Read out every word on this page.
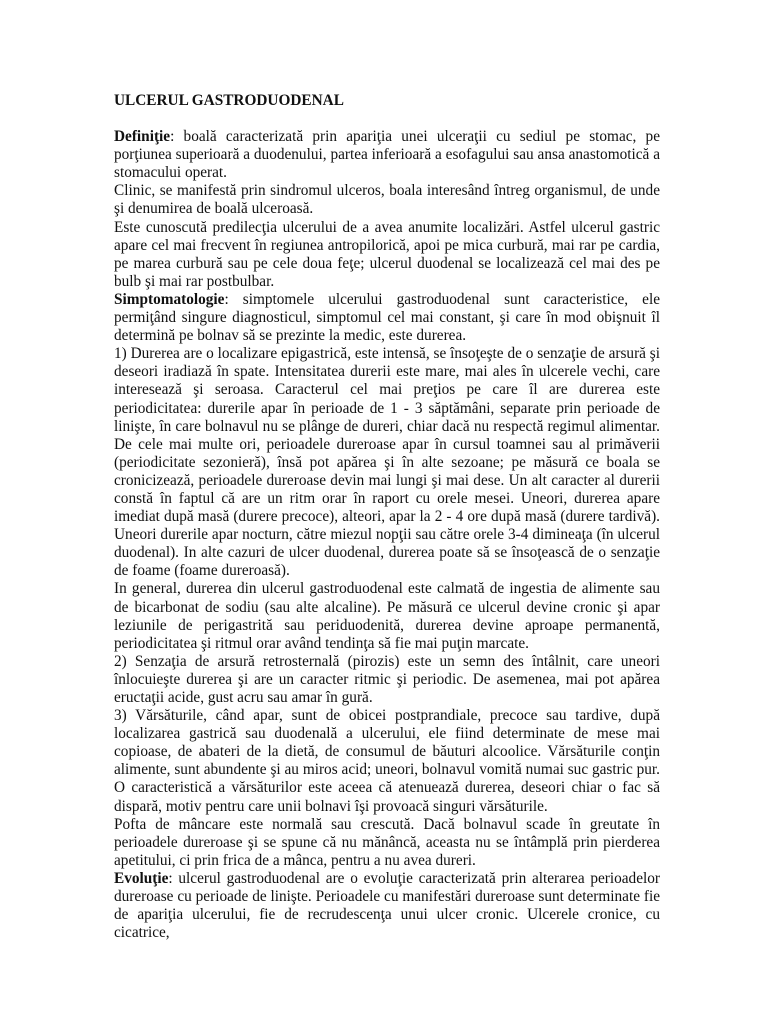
ULCERUL GASTRODUODENAL

Definiţie: boală caracterizată prin apariţia unei ulceraţii cu sediul pe stomac, pe porţiunea superioară a duodenului, partea inferioară a esofagului sau ansa anastomotică a stomacului operat.

Clinic, se manifestă prin sindromul ulceros, boala interesând întreg organismul, de unde şi denumirea de boală ulceroasă.

Este cunoscută predilecţia ulcerului de a avea anumite localizări. Astfel ulcerul gastric apare cel mai frecvent în regiunea antropilorică, apoi pe mica curbură, mai rar pe cardia, pe marea curbură sau pe cele doua feţe; ulcerul duodenal se localizează cel mai des pe bulb şi mai rar postbulbar.

Simptomatologie: simptomele ulcerului gastroduodenal sunt caracteristice, ele permiţând singure diagnosticul, simptomul cel mai constant, şi care în mod obişnuit îl determină pe bolnav să se prezinte la medic, este durerea.

1) Durerea are o localizare epigastrică, este intensă, se însoţeşte de o senzaţie de arsură şi deseori iradiază în spate. Intensitatea durerii este mare, mai ales în ulcerele vechi, care interesează şi seroasa. Caracterul cel mai preţios pe care îl are durerea este periodicitatea: durerile apar în perioade de 1 - 3 săptămâni, separate prin perioade de linişte, în care bolnavul nu se plânge de dureri, chiar dacă nu respectă regimul alimentar. De cele mai multe ori, perioadele dureroase apar în cursul toamnei sau al primăverii (periodicitate sezonieră), însă pot apărea şi în alte sezoane; pe măsură ce boala se cronicizează, perioadele dureroase devin mai lungi şi mai dese. Un alt caracter al durerii constă în faptul că are un ritm orar în raport cu orele mesei. Uneori, durerea apare imediat după masă (durere precoce), alteori, apar la 2 - 4 ore după masă (durere tardivă). Uneori durerile apar nocturn, către miezul nopţii sau către orele 3-4 dimineaţa (în ulcerul duodenal). In alte cazuri de ulcer duodenal, durerea poate să se însoţească de o senzaţie de foame (foame dureroasă).

In general, durerea din ulcerul gastroduodenal este calmată de ingestia de alimente sau de bicarbonat de sodiu (sau alte alcaline). Pe măsură ce ulcerul devine cronic şi apar leziunile de perigastrită sau periduodenită, durerea devine aproape permanentă, periodicitatea şi ritmul orar având tendinţa să fie mai puţin marcate.

2) Senzaţia de arsură retrosternală (pirozis) este un semn des întâlnit, care uneori înlocuieşte durerea şi are un caracter ritmic şi periodic. De asemenea, mai pot apărea eructaţii acide, gust acru sau amar în gură.

3) Vărsăturile, când apar, sunt de obicei postprandiale, precoce sau tardive, după localizarea gastrică sau duodenală a ulcerului, ele fiind determinate de mese mai copioase, de abateri de la dietă, de consumul de băuturi alcoolice. Vărsăturile conţin alimente, sunt abundente şi au miros acid; uneori, bolnavul vomită numai suc gastric pur. O caracteristică a vărsăturilor este aceea că atenuează durerea, deseori chiar o fac să dispară, motiv pentru care unii bolnavi îşi provoacă singuri vărsăturile.

Pofta de mâncare este normală sau crescută. Dacă bolnavul scade în greutate în perioadele dureroase şi se spune că nu mănâncă, aceasta nu se întâmplă prin pierderea apetitului, ci prin frica de a mânca, pentru a nu avea dureri.

Evoluţie: ulcerul gastroduodenal are o evoluţie caracterizată prin alterarea perioadelor dureroase cu perioade de linişte. Perioadele cu manifestări dureroase sunt determinate fie de apariţia ulcerului, fie de recrudescenţa unui ulcer cronic. Ulcerele cronice, cu cicatrice,
